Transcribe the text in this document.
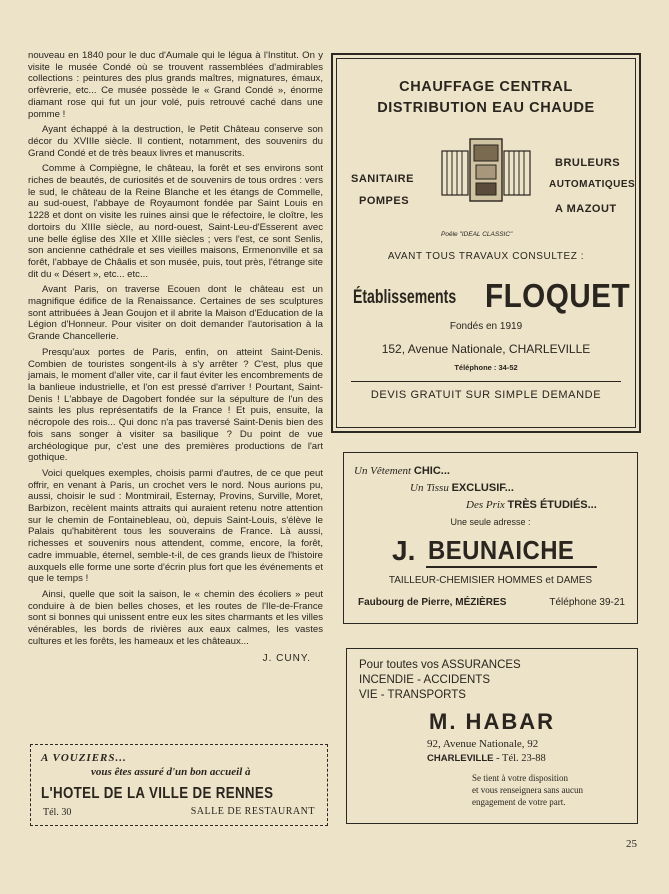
nouveau en 1840 pour le duc d'Aumale qui le légua à l'Institut. On y visite le musée Condé où se trouvent rassemblées d'admirables collections : peintures des plus grands maîtres, mignatures, émaux, orfèvrerie, etc... Ce musée possède le « Grand Condé », énorme diamant rose qui fut un jour volé, puis retrouvé caché dans une pomme !

Ayant échappé à la destruction, le Petit Château conserve son décor du XVIIIe siècle. Il contient, notamment, des souvenirs du Grand Condé et de très beaux livres et manuscrits.

Comme à Compiègne, le château, la forêt et ses environs sont riches de beautés, de curiosités et de souvenirs de tous ordres : vers le sud, le château de la Reine Blanche et les étangs de Commelle, au sud-ouest, l'abbaye de Royaumont fondée par Saint Louis en 1228 et dont on visite les ruines ainsi que le réfectoire, le cloître, les dortoirs du XIIIe siècle, au nord-ouest, Saint-Leu-d'Esserent avec une belle église des XIIe et XIIIe siècles ; vers l'est, ce sont Senlis, son ancienne cathédrale et ses vieilles maisons, Ermenonville et sa forêt, l'abbaye de Châalis et son musée, puis, tout près, l'étrange site dit du « Désert », etc... etc...

Avant Paris, on traverse Ecouen dont le château est un magnifique édifice de la Renaissance. Certaines de ses sculptures sont attribuées à Jean Goujon et il abrite la Maison d'Education de la Légion d'Honneur. Pour visiter on doit demander l'autorisation à la Grande Chancellerie.

Presqu'aux portes de Paris, enfin, on atteint Saint-Denis. Combien de touristes songent-ils à s'y arrêter ? C'est, plus que jamais, le moment d'aller vite, car il faut éviter les encombrements de la banlieue industrielle, et l'on est pressé d'arriver ! Pourtant, Saint-Denis ! L'abbaye de Dagobert fondée sur la sépulture de l'un des saints les plus représentatifs de la France ! Et puis, ensuite, la nécropole des rois... Qui donc n'a pas traversé Saint-Denis bien des fois sans songer à visiter sa basilique ? Du point de vue archéologique pur, c'est une des premières productions de l'art gothique.

Voici quelques exemples, choisis parmi d'autres, de ce que peut offrir, en venant à Paris, un crochet vers le nord. Nous aurions pu, aussi, choisir le sud : Montmirail, Esternay, Provins, Surville, Moret, Barbizon, recèlent maints attraits qui auraient retenu notre attention sur le chemin de Fontainebleau, où, depuis Saint-Louis, s'élève le Palais qu'habitèrent tous les souverains de France. Là aussi, richesses et souvenirs nous attendent, comme, encore, la forêt, cadre immuable, éternel, semble-t-il, de ces grands lieux de l'histoire auxquels elle forme une sorte d'écrin plus fort que les événements et que le temps !

Ainsi, quelle que soit la saison, le « chemin des écoliers » peut conduire à de bien belles choses, et les routes de l'Ile-de-France sont si bonnes qui unissent entre eux les sites charmants et les villes vénérables, les bords de rivières aux eaux calmes, les vastes cultures et les forêts, les hameaux et les châteaux...

J. CUNY.
A VOUZIERS...
vous êtes assuré d'un bon accueil à
L'HOTEL DE LA VILLE DE RENNES
Tél. 30	SALLE DE RESTAURANT
CHAUFFAGE CENTRAL
DISTRIBUTION EAU CHAUDE
SANITAIRE
POMPES
BRULEURS
AUTOMATIQUES
A MAZOUT
Poêle "IDEAL CLASSIC"
AVANT TOUS TRAVAUX CONSULTEZ :
Établissements FLOQUET
Fondés en 1919
152, Avenue Nationale, CHARLEVILLE
Téléphone : 34-52
DEVIS GRATUIT SUR SIMPLE DEMANDE
Un Vêtement CHIC...
Un Tissu EXCLUSIF...
Des Prix TRÈS ÉTUDIÉS...
Une seule adresse :
J. BEUNAICHE
TAILLEUR-CHEMISIER HOMMES et DAMES
Faubourg de Pierre, MÉZIÈRES	Téléphone 39-21
Pour toutes vos ASSURANCES
INCENDIE - ACCIDENTS
VIE - TRANSPORTS
M. HABAR
92, Avenue Nationale, 92
CHARLEVILLE - Tél. 23-88
Se tient à votre disposition
et vous renseignera sans aucun
engagement de votre part.
25
